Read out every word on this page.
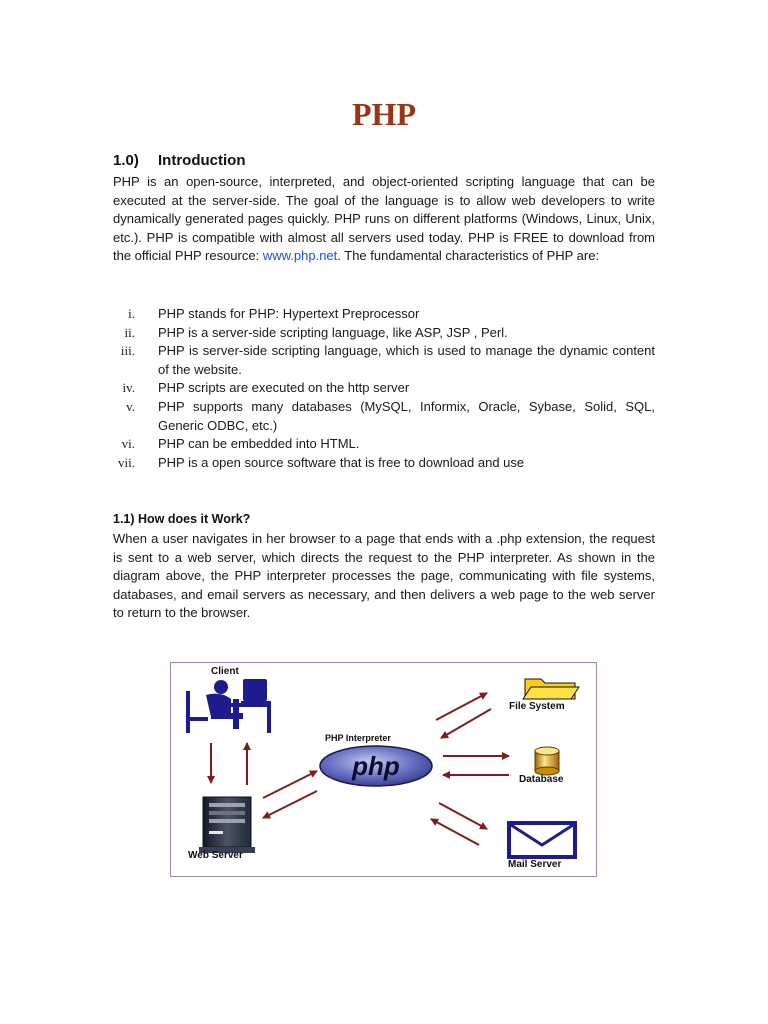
PHP
1.0) Introduction

PHP is an open-source, interpreted, and object-oriented scripting language that can be executed at the server-side. The goal of the language is to allow web developers to write dynamically generated pages quickly. PHP runs on different platforms (Windows, Linux, Unix, etc.). PHP is compatible with almost all servers used today. PHP is FREE to download from the official PHP resource: www.php.net. The fundamental characteristics of PHP are:

i. PHP stands for PHP: Hypertext Preprocessor
ii. PHP is a server-side scripting language, like ASP, JSP , Perl.
iii. PHP is server-side scripting language, which is used to manage the dynamic content of the website.
iv. PHP scripts are executed on the http server
v. PHP supports many databases (MySQL, Informix, Oracle, Sybase, Solid, SQL, Generic ODBC, etc.)
vi. PHP can be embedded into HTML.
vii. PHP is a open source software that is free to download and use
1.1) How does it Work?

When a user navigates in her browser to a page that ends with a .php extension, the request is sent to a web server, which directs the request to the PHP interpreter. As shown in the diagram above, the PHP interpreter processes the page, communicating with file systems, databases, and email servers as necessary, and then delivers a web page to the web server to return to the browser.

php
Client
Web Server
PHP Interpreter
File System
Database
Mail Server
